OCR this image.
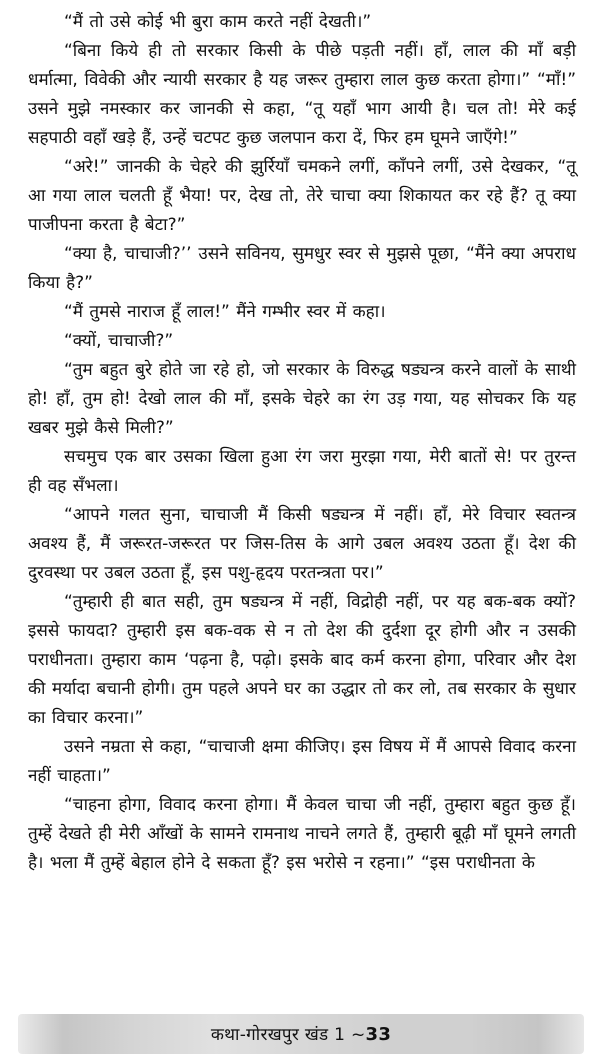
“मैं तो उसे कोई भी बुरा काम करते नहीं देखती।”

“बिना किये ही तो सरकार किसी के पीछे पड़ती नहीं। हाँ, लाल की माँ बड़ी धर्मात्मा, विवेकी और न्यायी सरकार है यह जरूर तुम्हारा लाल कुछ करता होगा।” “माँ!” उसने मुझे नमस्कार कर जानकी से कहा, “तू यहाँ भाग आयी है। चल तो! मेरे कई सहपाठी वहाँ खड़े हैं, उन्हें चटपट कुछ जलपान करा दें, फिर हम घूमने जाएँगे!”

“अरे!” जानकी के चेहरे की झुर्रियाँ चमकने लगीं, काँपने लगीं, उसे देखकर, “तू आ गया लाल चलती हूँ भैया! पर, देख तो, तेरे चाचा क्या शिकायत कर रहे हैं? तू क्या पाजीपना करता है बेटा?”

“क्या है, चाचाजी?’’ उसने सविनय, सुमधुर स्वर से मुझसे पूछा, “मैंने क्या अपराध किया है?”

“मैं तुमसे नाराज हूँ लाल!” मैंने गम्भीर स्वर में कहा।

“क्यों, चाचाजी?”

“तुम बहुत बुरे होते जा रहे हो, जो सरकार के विरुद्ध षड्यन्त्र करने वालों के साथी हो! हाँ, तुम हो! देखो लाल की माँ, इसके चेहरे का रंग उड़ गया, यह सोचकर कि यह खबर मुझे कैसे मिली?”

सचमुच एक बार उसका खिला हुआ रंग जरा मुरझा गया, मेरी बातों से! पर तुरन्त ही वह सँभला।

“आपने गलत सुना, चाचाजी मैं किसी षड्यन्त्र में नहीं। हाँ, मेरे विचार स्वतन्त्र अवश्य हैं, मैं जरूरत-जरूरत पर जिस-तिस के आगे उबल अवश्य उठता हूँ। देश की दुरवस्था पर उबल उठता हूँ, इस पशु-हृदय परतन्त्रता पर।”

“तुम्हारी ही बात सही, तुम षड्यन्त्र में नहीं, विद्रोही नहीं, पर यह बक-बक क्यों? इससे फायदा? तुम्हारी इस बक-वक से न तो देश की दुर्दशा दूर होगी और न उसकी पराधीनता। तुम्हारा काम ‘पढ़ना है, पढ़ो। इसके बाद कर्म करना होगा, परिवार और देश की मर्यादा बचानी होगी। तुम पहले अपने घर का उद्धार तो कर लो, तब सरकार के सुधार का विचार करना।”

उसने नम्रता से कहा, “चाचाजी क्षमा कीजिए। इस विषय में मैं आपसे विवाद करना नहीं चाहता।”

“चाहना होगा, विवाद करना होगा। मैं केवल चाचा जी नहीं, तुम्हारा बहुत कुछ हूँ। तुम्हें देखते ही मेरी आँखों के सामने रामनाथ नाचने लगते हैं, तुम्हारी बूढ़ी माँ घूमने लगती है। भला मैं तुम्हें बेहाल होने दे सकता हूँ? इस भरोसे न रहना।” “इस पराधीनता के

कथा-गोरखपुर खंड 1 ~33
